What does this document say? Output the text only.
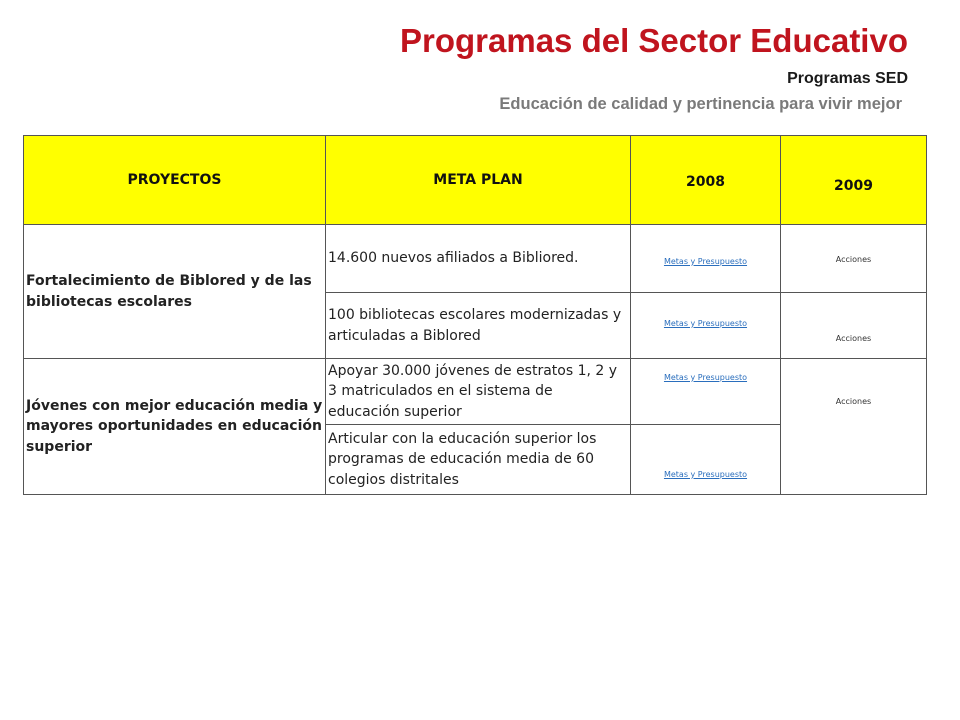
Programas del Sector Educativo
Programas SED
Educación de calidad y pertinencia para vivir mejor
PROYECTOS	META PLAN	2008	2009
Fortalecimiento de Biblored y de las bibliotecas escolares	14.600 nuevos afiliados a Bibliored.	Metas y Presupuesto	Acciones
	100 bibliotecas escolares modernizadas y articuladas a Biblored	Metas y Presupuesto	Acciones
Jóvenes con mejor educación media y mayores oportunidades en educación superior	Apoyar 30.000 jóvenes de estratos 1, 2 y 3 matriculados en el sistema de educación superior	Metas y Presupuesto	Acciones
	Articular con la educación superior los programas de educación media de 60 colegios distritales	Metas y Presupuesto	
